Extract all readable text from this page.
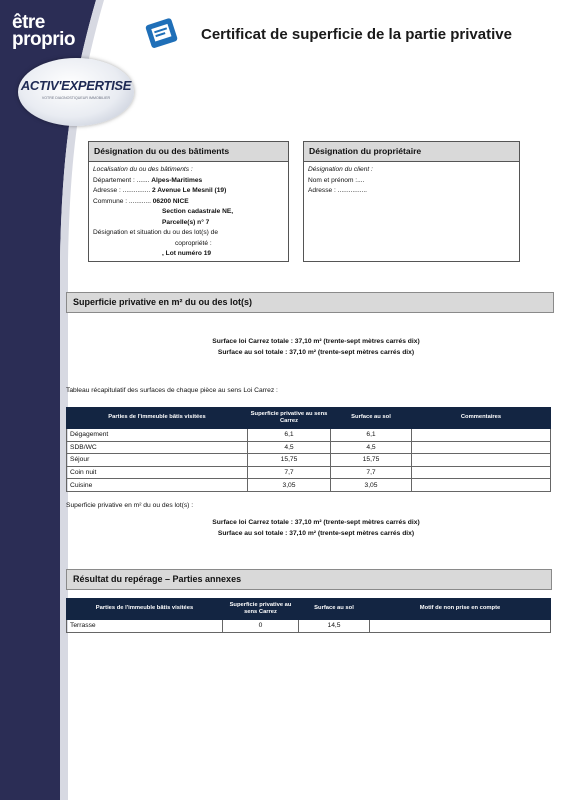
être
proprio
ACTIV'EXPERTISE
VOTRE DIAGNOSTIQUEUR IMMOBILIER
Certificat de superficie de la partie privative
Désignation du ou des bâtiments
Localisation du ou des bâtiments :
Département : ....... Alpes-Maritimes
Adresse : ............... 2 Avenue Le Mesnil (19)
Commune : ............ 06200 NICE
Section cadastrale NE,
Parcelle(s) n° 7
Désignation et situation du ou des lot(s) de
copropriété :
, Lot numéro 19
Désignation du propriétaire
Désignation du client :
Nom et prénom :....
Adresse : ................
Superficie privative en m² du ou des lot(s)
Surface loi Carrez totale : 37,10 m² (trente-sept mètres carrés dix)
Surface au sol totale : 37,10 m² (trente-sept mètres carrés dix)
Tableau récapitulatif des surfaces de chaque pièce au sens Loi Carrez :
Parties de l'immeuble bâtis visitées	Superficie privative au sens Carrez	Surface au sol	Commentaires
Dégagement	6,1	6,1	
SDB/WC	4,5	4,5	
Séjour	15,75	15,75	
Coin nuit	7,7	7,7	
Cuisine	3,05	3,05	
Superficie privative en m² du ou des lot(s) :
Surface loi Carrez totale : 37,10 m² (trente-sept mètres carrés dix)
Surface au sol totale : 37,10 m² (trente-sept mètres carrés dix)
Résultat du repérage – Parties annexes
Parties de l'immeuble bâtis visitées	Superficie privative au sens Carrez	Surface au sol	Motif de non prise en compte
Terrasse	0	14,5	
